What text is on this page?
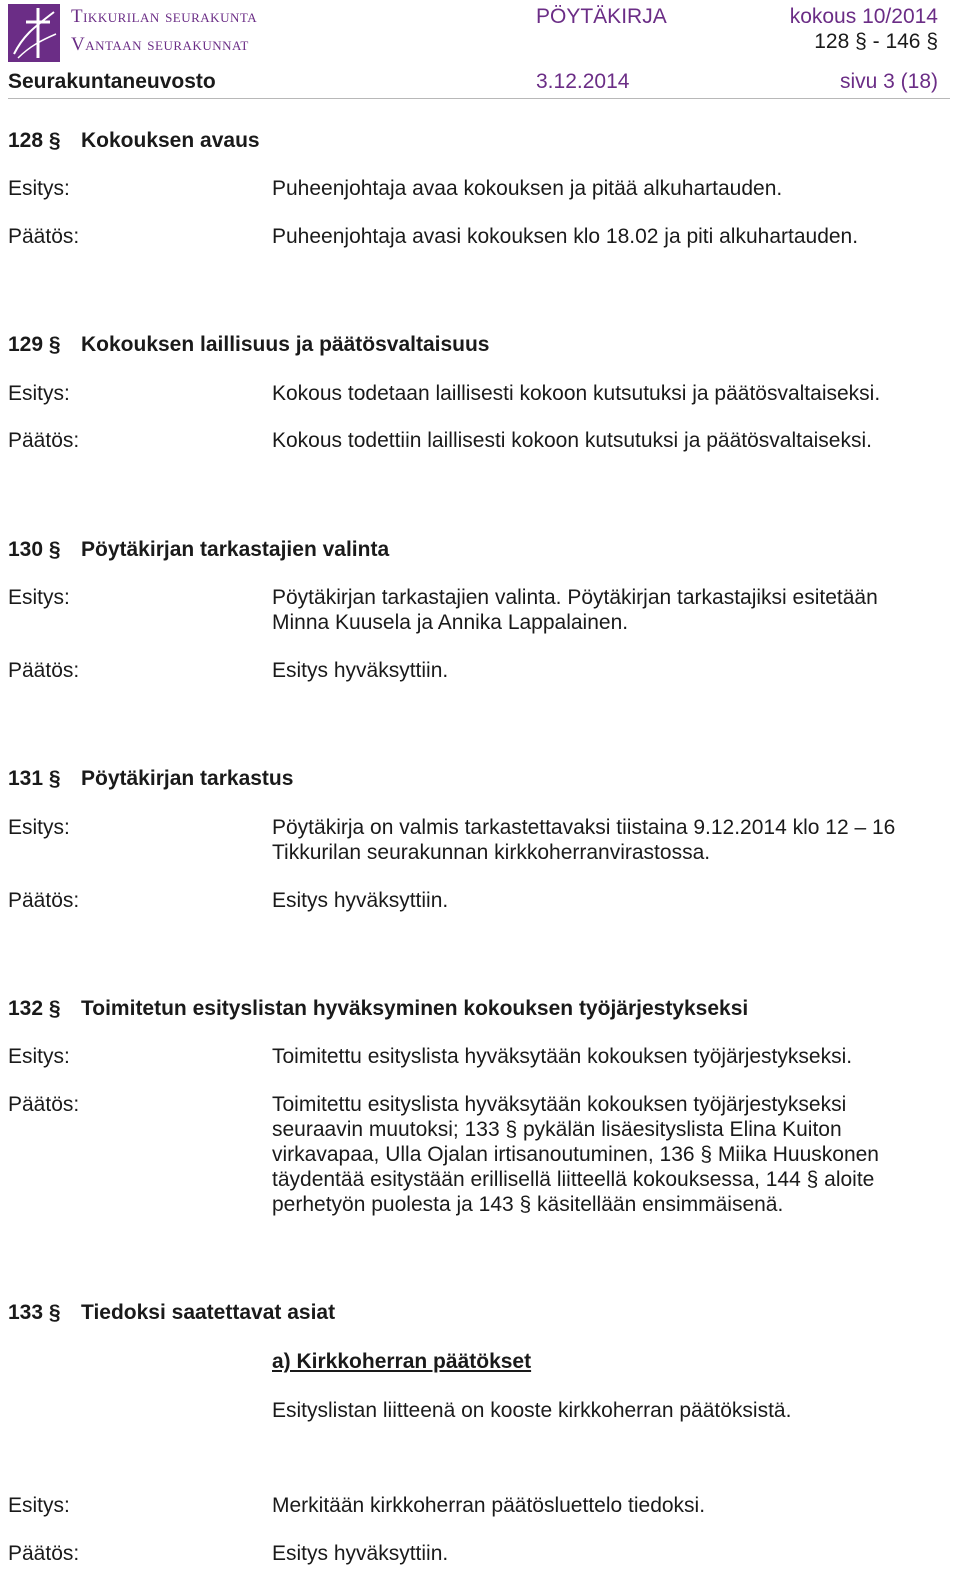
Tikkurilan seurakunta
Vantaan seurakunnat
PÖYTÄKIRJA	kokous 10/2014
128 § - 146 §
Seurakuntaneuvosto	3.12.2014	sivu 3 (18)
128 § Kokouksen avaus
Esitys:	Puheenjohtaja avaa kokouksen ja pitää alkuhartauden.
Päätös:	Puheenjohtaja avasi kokouksen klo 18.02 ja piti alkuhartauden.
129 § Kokouksen laillisuus ja päätösvaltaisuus
Esitys:	Kokous todetaan laillisesti kokoon kutsutuksi ja päätösvaltaiseksi.
Päätös:	Kokous todettiin laillisesti kokoon kutsutuksi ja päätösvaltaiseksi.
130 § Pöytäkirjan tarkastajien valinta
Esitys:	Pöytäkirjan tarkastajien valinta. Pöytäkirjan tarkastajiksi esitetään Minna Kuusela ja Annika Lappalainen.
Päätös:	Esitys hyväksyttiin.
131 § Pöytäkirjan tarkastus
Esitys:	Pöytäkirja on valmis tarkastettavaksi tiistaina 9.12.2014 klo 12 – 16 Tikkurilan seurakunnan kirkkoherranvirastossa.
Päätös:	Esitys hyväksyttiin.
132 § Toimitetun esityslistan hyväksyminen kokouksen työjärjestykseksi
Esitys:	Toimitettu esityslista hyväksytään kokouksen työjärjestykseksi.
Päätös:	Toimitettu esityslista hyväksytään kokouksen työjärjestykseksi seuraavin muutoksi; 133 § pykälän lisäesityslista Elina Kuiton virkavapaa, Ulla Ojalan irtisanoutuminen, 136 § Miika Huuskonen täydentää esitystään erillisellä liitteellä kokouksessa, 144 § aloite perhetyön puolesta ja 143 § käsitellään ensimmäisenä.
133 § Tiedoksi saatettavat asiat
a) Kirkkoherran päätökset
Esityslistan liitteenä on kooste kirkkoherran päätöksistä.
Esitys:	Merkitään kirkkoherran päätösluettelo tiedoksi.
Päätös:	Esitys hyväksyttiin.
